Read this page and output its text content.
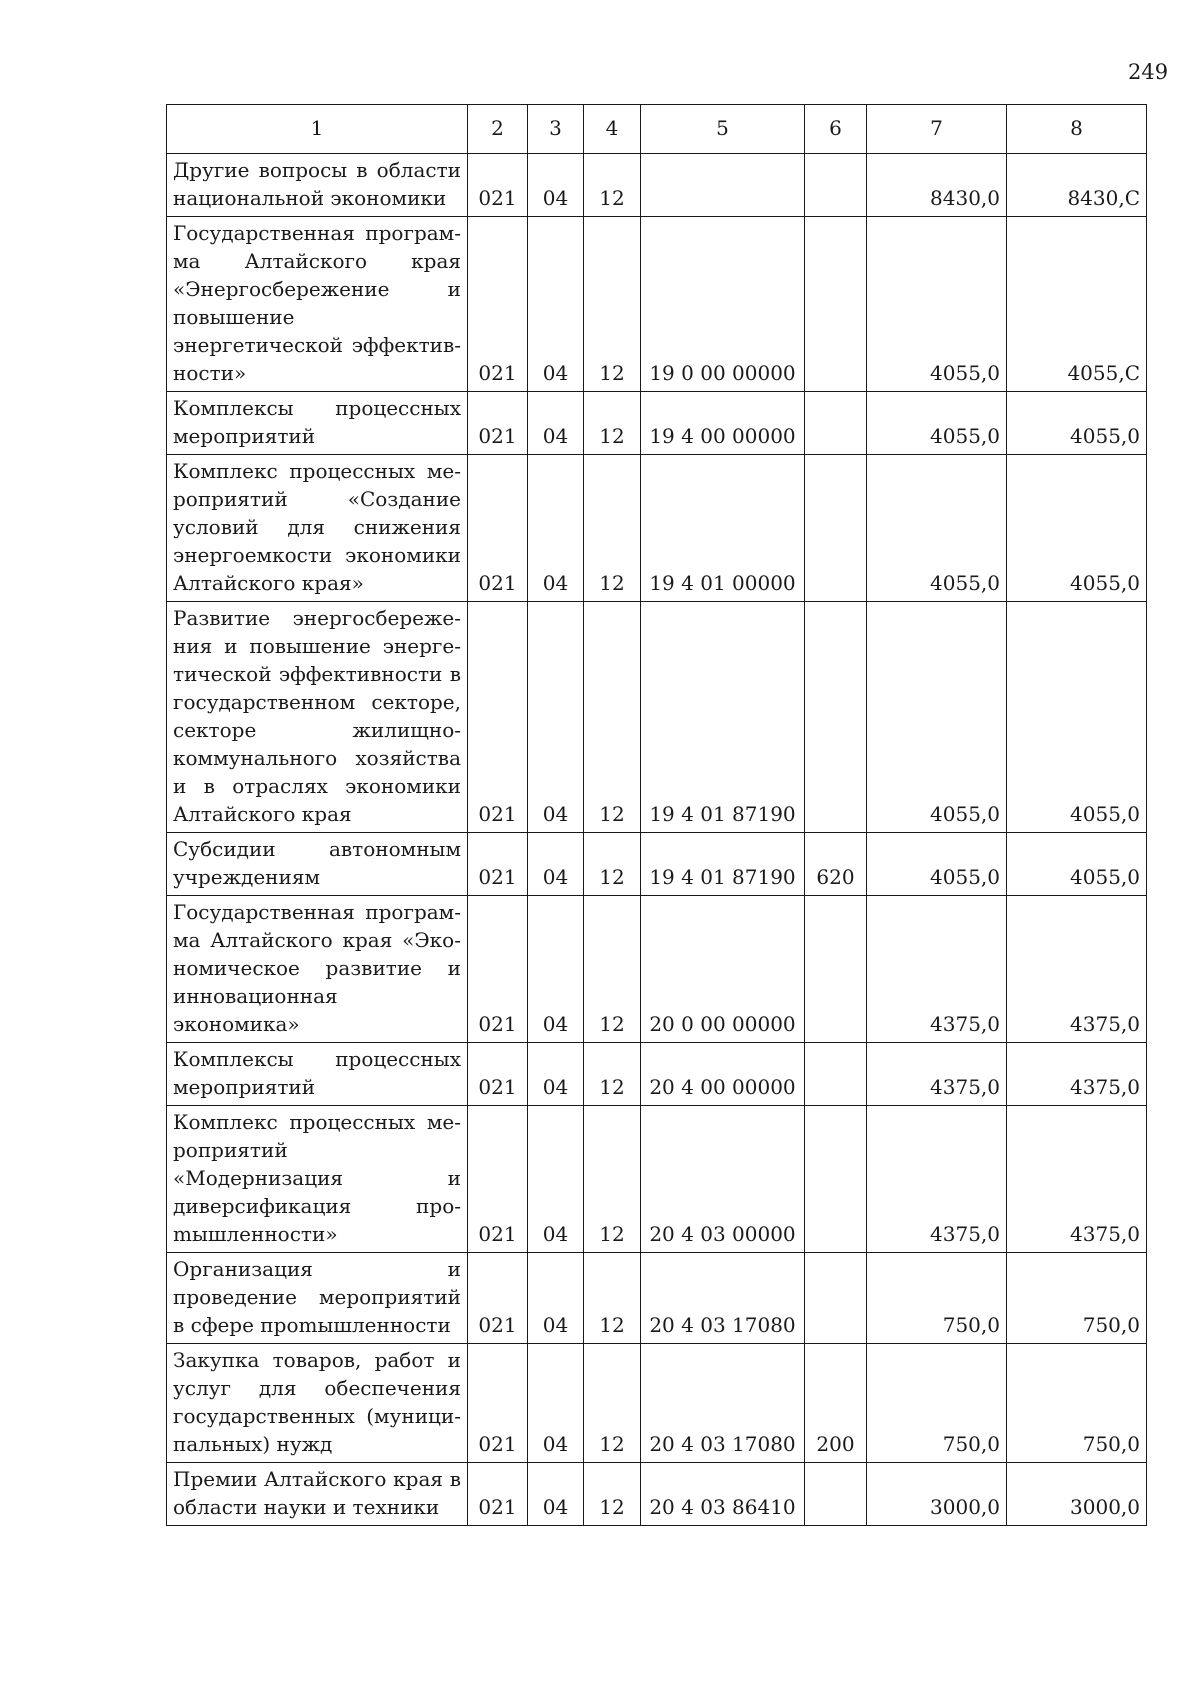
249
1	2	3	4	5	6	7	8
Другие вопросы в области национальной экономики	021	04	12			8430,0	8430,С
Государственная программа Алтайского края «Энергосбережение и повышение энергетической эффективности»	021	04	12	19 0 00 00000		4055,0	4055,С
Комплексы процессных мероприятий	021	04	12	19 4 00 00000		4055,0	4055,0
Комплекс процессных мероприятий «Создание условий для снижения энергоемкости экономики Алтайского края»	021	04	12	19 4 01 00000		4055,0	4055,0
Развитие энергосбережения и повышение энергетической эффективности в государственном секторе, секторе жилищно-коммунального хозяйства и в отраслях экономики Алтайского края	021	04	12	19 4 01 87190		4055,0	4055,0
Субсидии автономным учреждениям	021	04	12	19 4 01 87190	620	4055,0	4055,0
Государственная программа Алтайского края «Экономическое развитие и инновационная экономика»	021	04	12	20 0 00 00000		4375,0	4375,0
Комплексы процессных мероприятий	021	04	12	20 4 00 00000		4375,0	4375,0
Комплекс процессных мероприятий «Модернизация и диверсификация проmышленности»	021	04	12	20 4 03 00000		4375,0	4375,0
Организация и проведение мероприятий в сфере проmышленности	021	04	12	20 4 03 17080		750,0	750,0
Закупка товаров, работ и услуг для обеспечения государственных (муниципальных) нужд	021	04	12	20 4 03 17080	200	750,0	750,0
Премии Алтайского края в области науки и техники	021	04	12	20 4 03 86410		3000,0	3000,0
